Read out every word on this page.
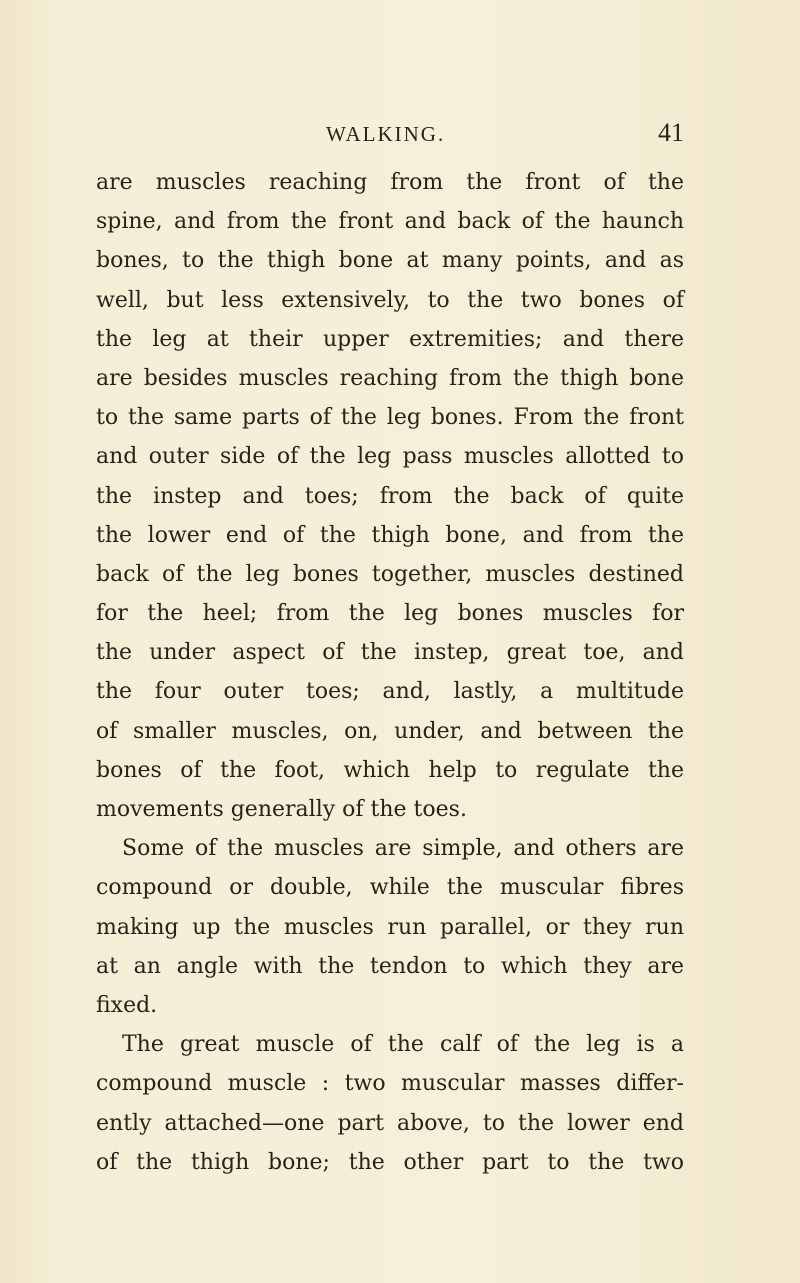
WALKING.	41
are muscles reaching from the front of the
spine, and from the front and back of the haunch
bones, to the thigh bone at many points, and as
well, but less extensively, to the two bones of
the leg at their upper extremities; and there
are besides muscles reaching from the thigh bone
to the same parts of the leg bones. From the front
and outer side of the leg pass muscles allotted to
the instep and toes; from the back of quite
the lower end of the thigh bone, and from the
back of the leg bones together, muscles destined
for the heel; from the leg bones muscles for
the under aspect of the instep, great toe, and
the four outer toes; and, lastly, a multitude
of smaller muscles, on, under, and between the
bones of the foot, which help to regulate the
movements generally of the toes.
Some of the muscles are simple, and others are
compound or double, while the muscular fibres
making up the muscles run parallel, or they run
at an angle with the tendon to which they are
fixed.
The great muscle of the calf of the leg is a
compound muscle : two muscular masses differ-
ently attached—one part above, to the lower end
of the thigh bone; the other part to the two
